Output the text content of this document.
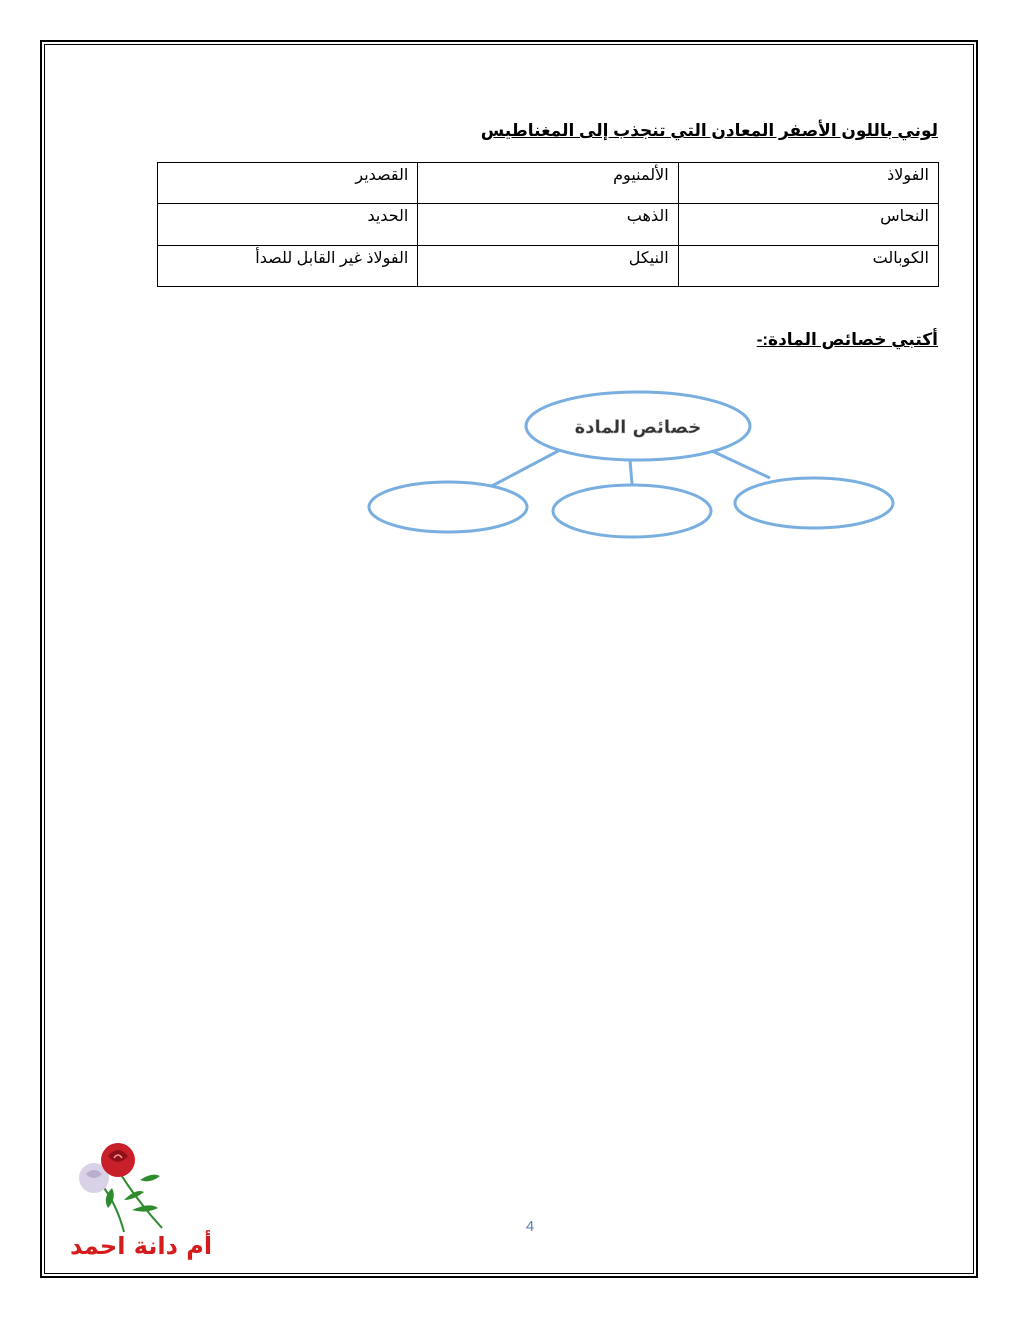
لوني باللون الأصفر المعادن التي تنجذب إلى المغناطيس
الفولاذ	الألمنيوم	القصدير
النحاس	الذهب	الحديد
الكوبالت	النيكل	الفولاذ غير القابل للصدأ
أكتبي خصائص المادة:-
خصائص المادة
أم دانة احمد
4
